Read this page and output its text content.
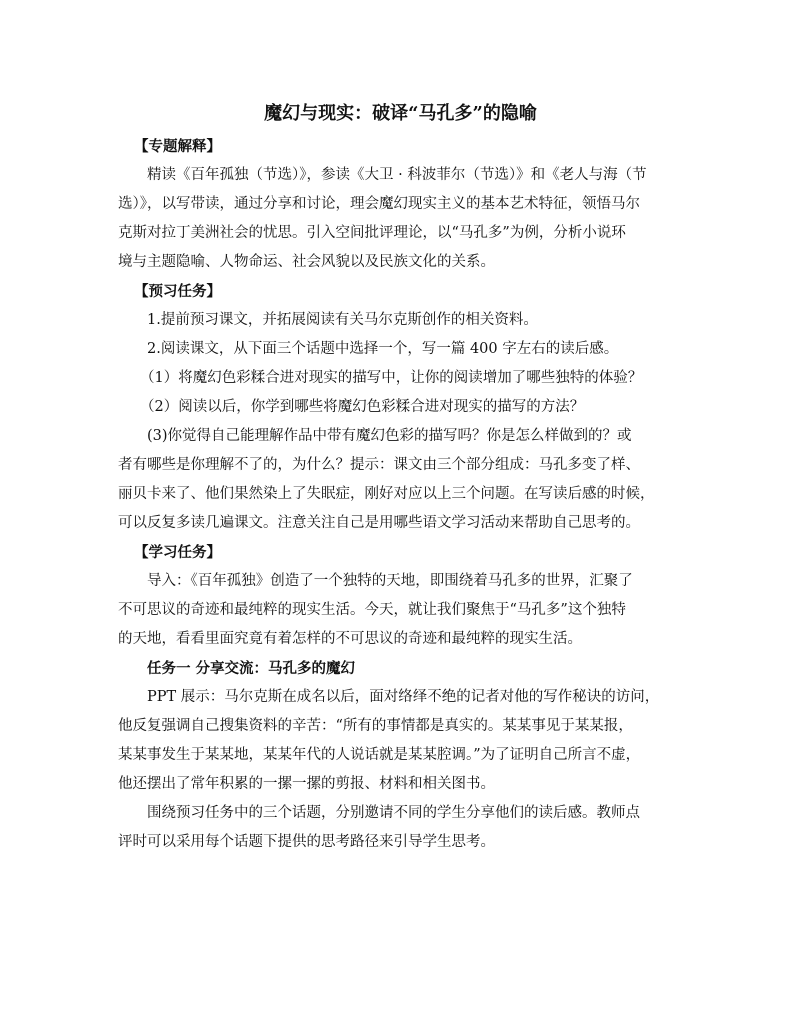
魔幻与现实：破译“马孔多”的隐喻
【专题解释】
精读《百年孤独（节选）》，参读《大卫 · 科波菲尔（节选）》和《老人与海（节
选）》，以写带读，通过分享和讨论，理会魔幻现实主义的基本艺术特征，领悟马尔
克斯对拉丁美洲社会的忧思。引入空间批评理论，以“马孔多”为例，分析小说环
境与主题隐喻、人物命运、社会风貌以及民族文化的关系。
【预习任务】
1.提前预习课文，并拓展阅读有关马尔克斯创作的相关资料。
2.阅读课文，从下面三个话题中选择一个，写一篇 400 字左右的读后感。
（1）将魔幻色彩糅合进对现实的描写中，让你的阅读增加了哪些独特的体验？
（2）阅读以后，你学到哪些将魔幻色彩糅合进对现实的描写的方法？
(3)你觉得自己能理解作品中带有魔幻色彩的描写吗？你是怎么样做到的？或
者有哪些是你理解不了的，为什么？提示：课文由三个部分组成：马孔多变了样、
丽贝卡来了、他们果然染上了失眠症，刚好对应以上三个问题。在写读后感的时候，
可以反复多读几遍课文。注意关注自己是用哪些语文学习活动来帮助自己思考的。
【学习任务】
导入：《百年孤独》创造了一个独特的天地，即围绕着马孔多的世界，汇聚了
不可思议的奇迹和最纯粹的现实生活。今天，就让我们聚焦于“马孔多”这个独特
的天地，看看里面究竟有着怎样的不可思议的奇迹和最纯粹的现实生活。
任务一 分享交流：马孔多的魔幻
PPT 展示：马尔克斯在成名以后，面对络绎不绝的记者对他的写作秘诀的访问，
他反复强调自己搜集资料的辛苦：“所有的事情都是真实的。某某事见于某某报，
某某事发生于某某地，某某年代的人说话就是某某腔调。”为了证明自己所言不虚，
他还摆出了常年积累的一摞一摞的剪报、材料和相关图书。
围绕预习任务中的三个话题，分别邀请不同的学生分享他们的读后感。教师点
评时可以采用每个话题下提供的思考路径来引导学生思考。
